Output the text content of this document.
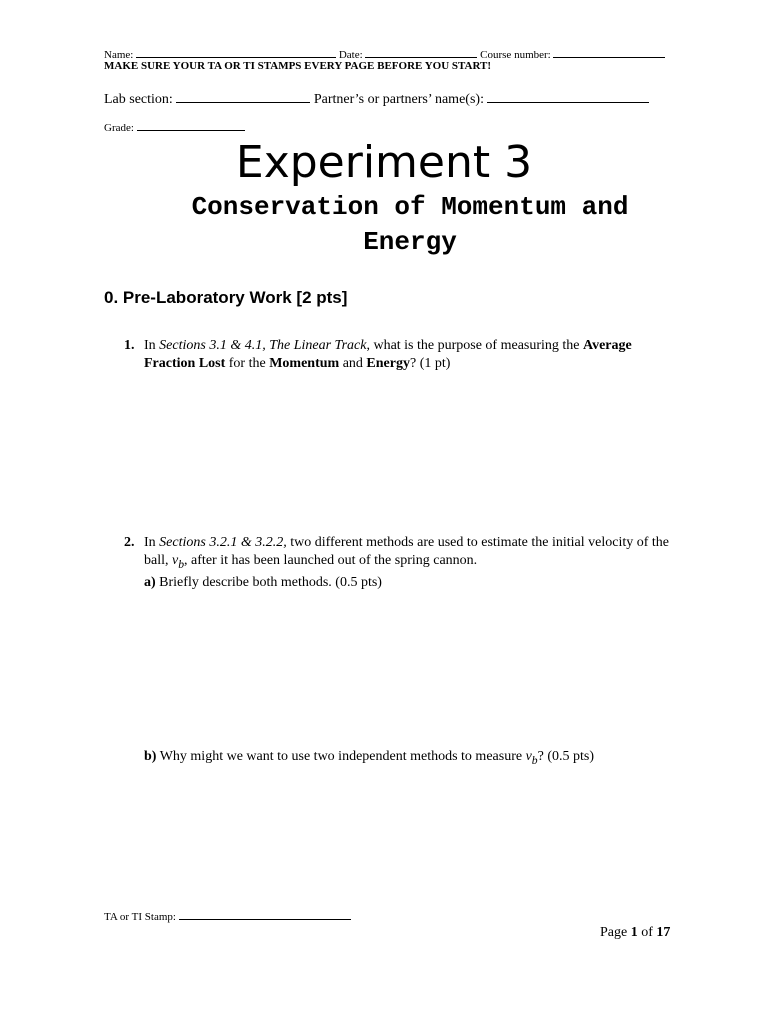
Name:	Date:	Course number:
MAKE SURE YOUR TA OR TI STAMPS EVERY PAGE BEFORE YOU START!
Lab section:	Partner’s or partners’ name(s):
Grade:
Experiment 3
Conservation of Momentum and Energy
0. Pre-Laboratory Work [2 pts]
1. In Sections 3.1 & 4.1, The Linear Track, what is the purpose of measuring the Average Fraction Lost for the Momentum and Energy? (1 pt)
2. In Sections 3.2.1 & 3.2.2, two different methods are used to estimate the initial velocity of the ball, $v_b$, after it has been launched out of the spring cannon.
a) Briefly describe both methods. (0.5 pts)
b) Why might we want to use two independent methods to measure $v_b$? (0.5 pts)
TA or TI Stamp:
Page 1 of 17
